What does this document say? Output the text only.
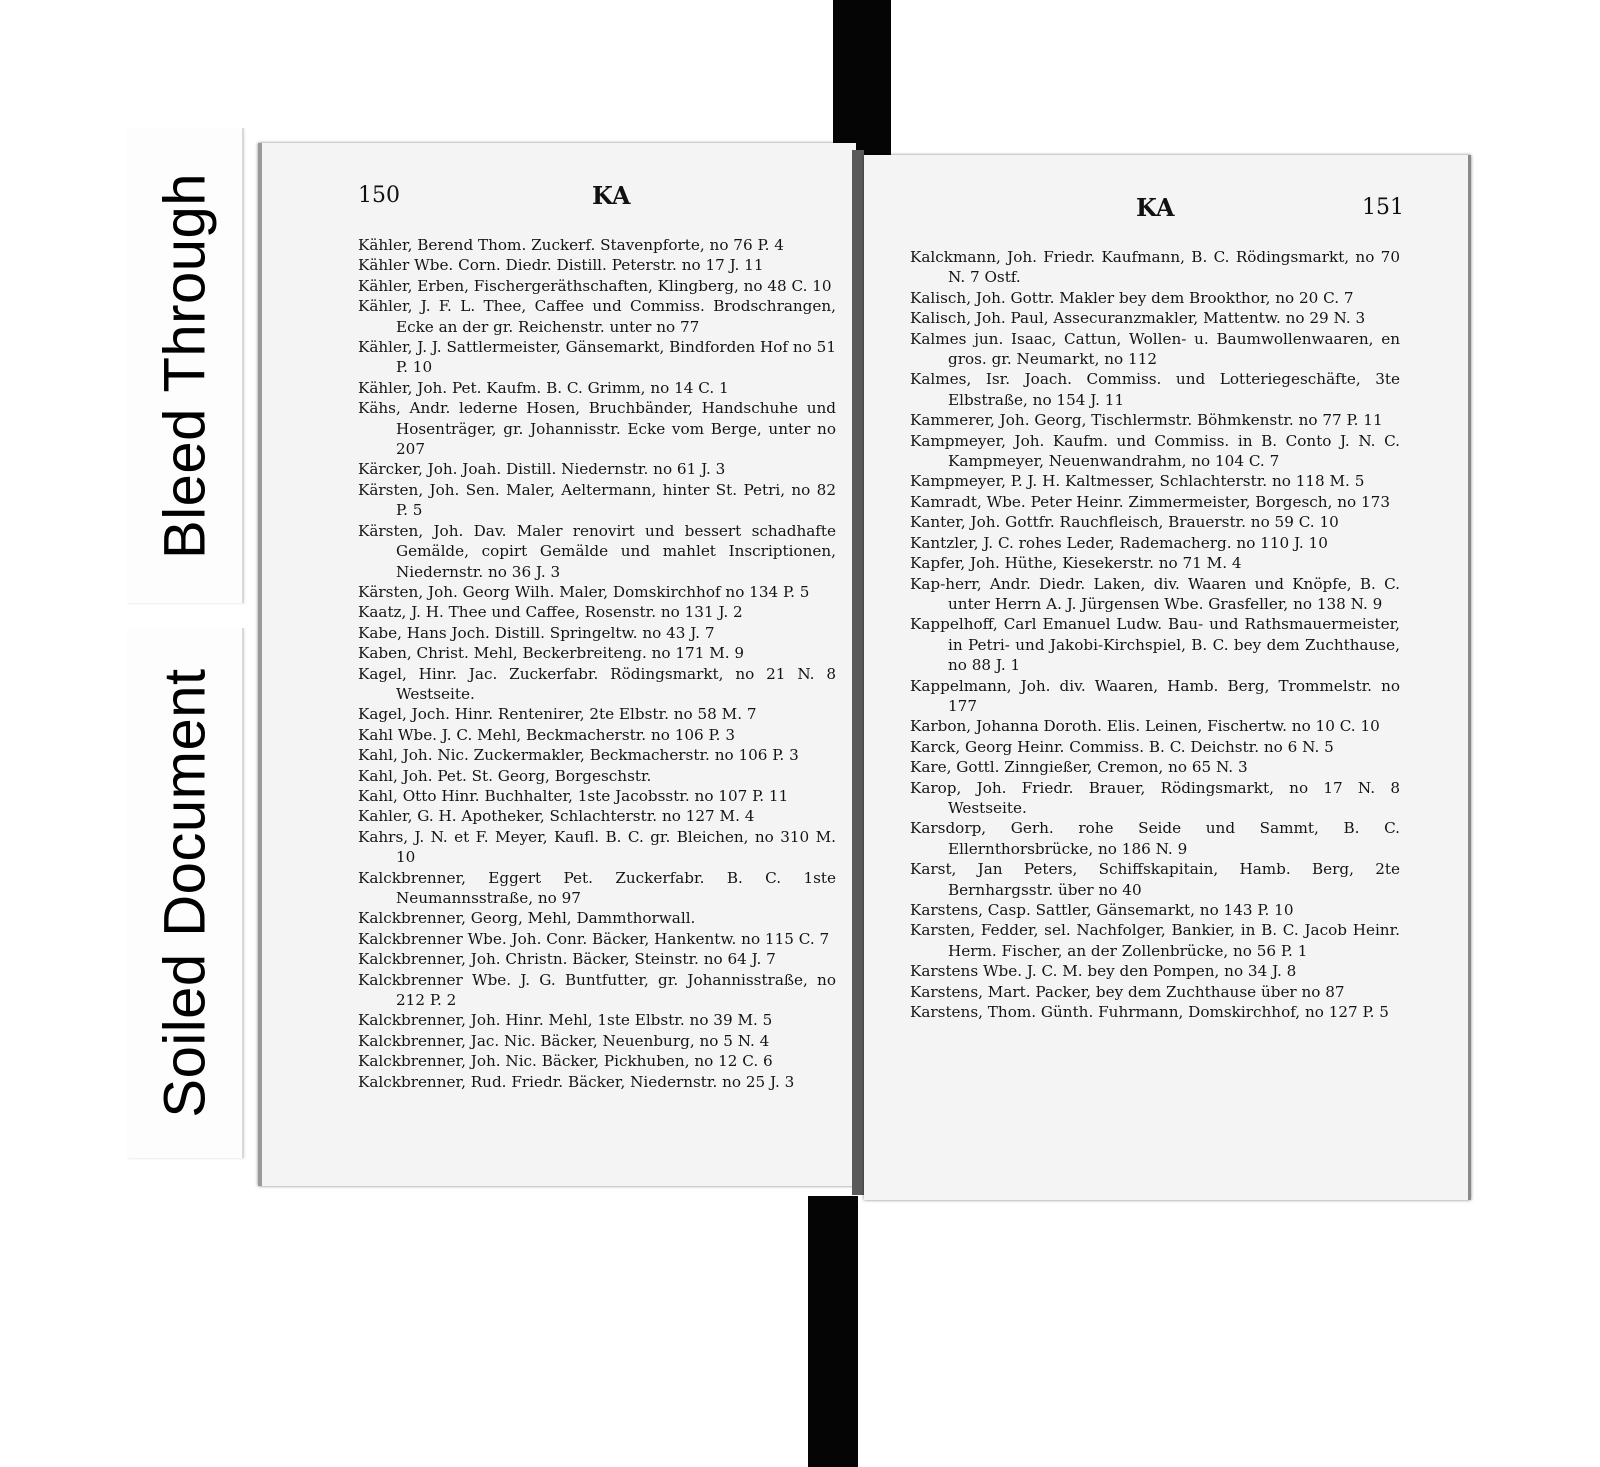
Bleed Through
Soiled Document
150	KA
Kähler, Berend Thom. Zuckerf. Stavenpforte, no 76 P. 4
Kähler Wbe. Corn. Diedr. Distill. Peterstr. no 17 J. 11
Kähler, Erben, Fischergeräthschaften, Klingberg, no 48 C. 10
Kähler, J. F. L. Thee, Caffee und Commiss. Brodschrangen, Ecke an der gr. Reichenstr. unter no 77
Kähler, J. J. Sattlermeister, Gänsemarkt, Bindforden Hof no 51 P. 10
Kähler, Joh. Pet. Kaufm. B. C. Grimm, no 14 C. 1
Kähs, Andr. lederne Hosen, Bruchbänder, Handschuhe und Hosenträger, gr. Johannisstr. Ecke vom Berge, unter no 207
Kärcker, Joh. Joah. Distill. Niedernstr. no 61 J. 3
Kärsten, Joh. Sen. Maler, Aeltermann, hinter St. Petri, no 82 P. 5
Kärsten, Joh. Dav. Maler renovirt und bessert schadhafte Gemälde, copirt Gemälde und mahlet Inscriptionen, Niedernstr. no 36 J. 3
Kärsten, Joh. Georg Wilh. Maler, Domskirchhof no 134 P. 5
Kaatz, J. H. Thee und Caffee, Rosenstr. no 131 J. 2
Kabe, Hans Joch. Distill. Springeltw. no 43 J. 7
Kaben, Christ. Mehl, Beckerbreiteng. no 171 M. 9
Kagel, Hinr. Jac. Zuckerfabr. Rödingsmarkt, no 21 N. 8 Westseite.
Kagel, Joch. Hinr. Rentenirer, 2te Elbstr. no 58 M. 7
Kahl Wbe. J. C. Mehl, Beckmacherstr. no 106 P. 3
Kahl, Joh. Nic. Zuckermakler, Beckmacherstr. no 106 P. 3
Kahl, Joh. Pet. St. Georg, Borgeschstr.
Kahl, Otto Hinr. Buchhalter, 1ste Jacobsstr. no 107 P. 11
Kahler, G. H. Apotheker, Schlachterstr. no 127 M. 4
Kahrs, J. N. et F. Meyer, Kaufl. B. C. gr. Bleichen, no 310 M. 10
Kalckbrenner, Eggert Pet. Zuckerfabr. B. C. 1ste Neumannsstraße, no 97
Kalckbrenner, Georg, Mehl, Dammthorwall.
Kalckbrenner Wbe. Joh. Conr. Bäcker, Hankentw. no 115 C. 7
Kalckbrenner, Joh. Christn. Bäcker, Steinstr. no 64 J. 7
Kalckbrenner Wbe. J. G. Buntfutter, gr. Johannisstraße, no 212 P. 2
Kalckbrenner, Joh. Hinr. Mehl, 1ste Elbstr. no 39 M. 5
Kalckbrenner, Jac. Nic. Bäcker, Neuenburg, no 5 N. 4
Kalckbrenner, Joh. Nic. Bäcker, Pickhuben, no 12 C. 6
Kalckbrenner, Rud. Friedr. Bäcker, Niedernstr. no 25 J. 3
KA	151
Kalckmann, Joh. Friedr. Kaufmann, B. C. Rödingsmarkt, no 70 N. 7 Ostf.
Kalisch, Joh. Gottr. Makler bey dem Brookthor, no 20 C. 7
Kalisch, Joh. Paul, Assecuranzmakler, Mattentw. no 29 N. 3
Kalmes jun. Isaac, Cattun, Wollen- u. Baumwollenwaaren, en gros. gr. Neumarkt, no 112
Kalmes, Isr. Joach. Commiss. und Lotteriegeschäfte, 3te Elbstraße, no 154 J. 11
Kammerer, Joh. Georg, Tischlermstr. Böhmkenstr. no 77 P. 11
Kampmeyer, Joh. Kaufm. und Commiss. in B. Conto J. N. C. Kampmeyer, Neuenwandrahm, no 104 C. 7
Kampmeyer, P. J. H. Kaltmesser, Schlachterstr. no 118 M. 5
Kamradt, Wbe. Peter Heinr. Zimmermeister, Borgesch, no 173
Kanter, Joh. Gottfr. Rauchfleisch, Brauerstr. no 59 C. 10
Kantzler, J. C. rohes Leder, Rademacherg. no 110 J. 10
Kapfer, Joh. Hüthe, Kiesekerstr. no 71 M. 4
Kap-herr, Andr. Diedr. Laken, div. Waaren und Knöpfe, B. C. unter Herrn A. J. Jürgensen Wbe. Grasfeller, no 138 N. 9
Kappelhoff, Carl Emanuel Ludw. Bau- und Rathsmauermeister, in Petri- und Jakobi-Kirchspiel, B. C. bey dem Zuchthause, no 88 J. 1
Kappelmann, Joh. div. Waaren, Hamb. Berg, Trommelstr. no 177
Karbon, Johanna Doroth. Elis. Leinen, Fischertw. no 10 C. 10
Karck, Georg Heinr. Commiss. B. C. Deichstr. no 6 N. 5
Kare, Gottl. Zinngießer, Cremon, no 65 N. 3
Karop, Joh. Friedr. Brauer, Rödingsmarkt, no 17 N. 8 Westseite.
Karsdorp, Gerh. rohe Seide und Sammt, B. C. Ellernthorsbrücke, no 186 N. 9
Karst, Jan Peters, Schiffskapitain, Hamb. Berg, 2te Bernhargsstr. über no 40
Karstens, Casp. Sattler, Gänsemarkt, no 143 P. 10
Karsten, Fedder, sel. Nachfolger, Bankier, in B. C. Jacob Heinr. Herm. Fischer, an der Zollenbrücke, no 56 P. 1
Karstens Wbe. J. C. M. bey den Pompen, no 34 J. 8
Karstens, Mart. Packer, bey dem Zuchthause über no 87
Karstens, Thom. Günth. Fuhrmann, Domskirchhof, no 127 P. 5
